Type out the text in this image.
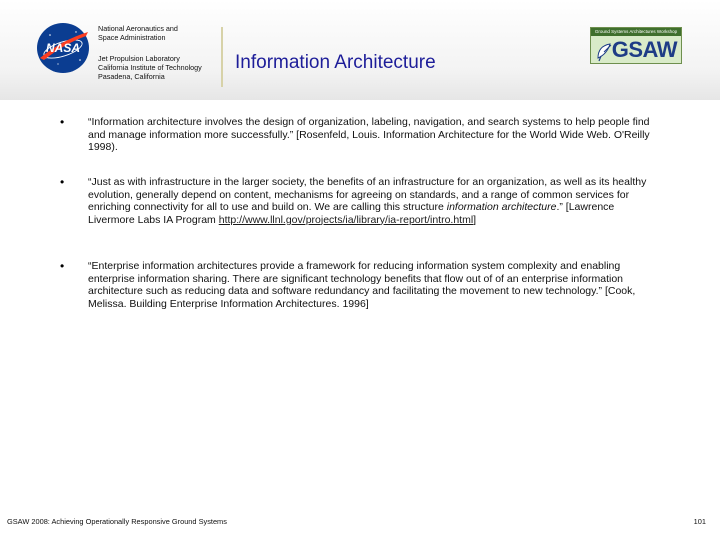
NASA
National Aeronautics and
Space Administration
Jet Propulsion Laboratory
California Institute of Technology
Pasadena, California
Information Architecture
Ground Systems Architectures Workshop
GSAW
• “Information architecture involves the design of organization, labeling, navigation, and search systems to help people find and manage information more successfully.” [Rosenfeld, Louis. Information Architecture for the World Wide Web. O'Reilly 1998).
• “Just as with infrastructure in the larger society, the benefits of an infrastructure for an organization, as well as its healthy evolution, generally depend on content, mechanisms for agreeing on standards, and a range of common services for enriching connectivity for all to use and build on. We are calling this structure information architecture.” [Lawrence Livermore Labs IA Program http://www.llnl.gov/projects/ia/library/ia-report/intro.html]
• “Enterprise information architectures provide a framework for reducing information system complexity and enabling enterprise information sharing. There are significant technology benefits that flow out of of an enterprise information architecture such as reducing data and software redundancy and facilitating the movement to new technology.” [Cook, Melissa. Building Enterprise Information Architectures. 1996]
GSAW 2008: Achieving Operationally Responsive Ground Systems	101
